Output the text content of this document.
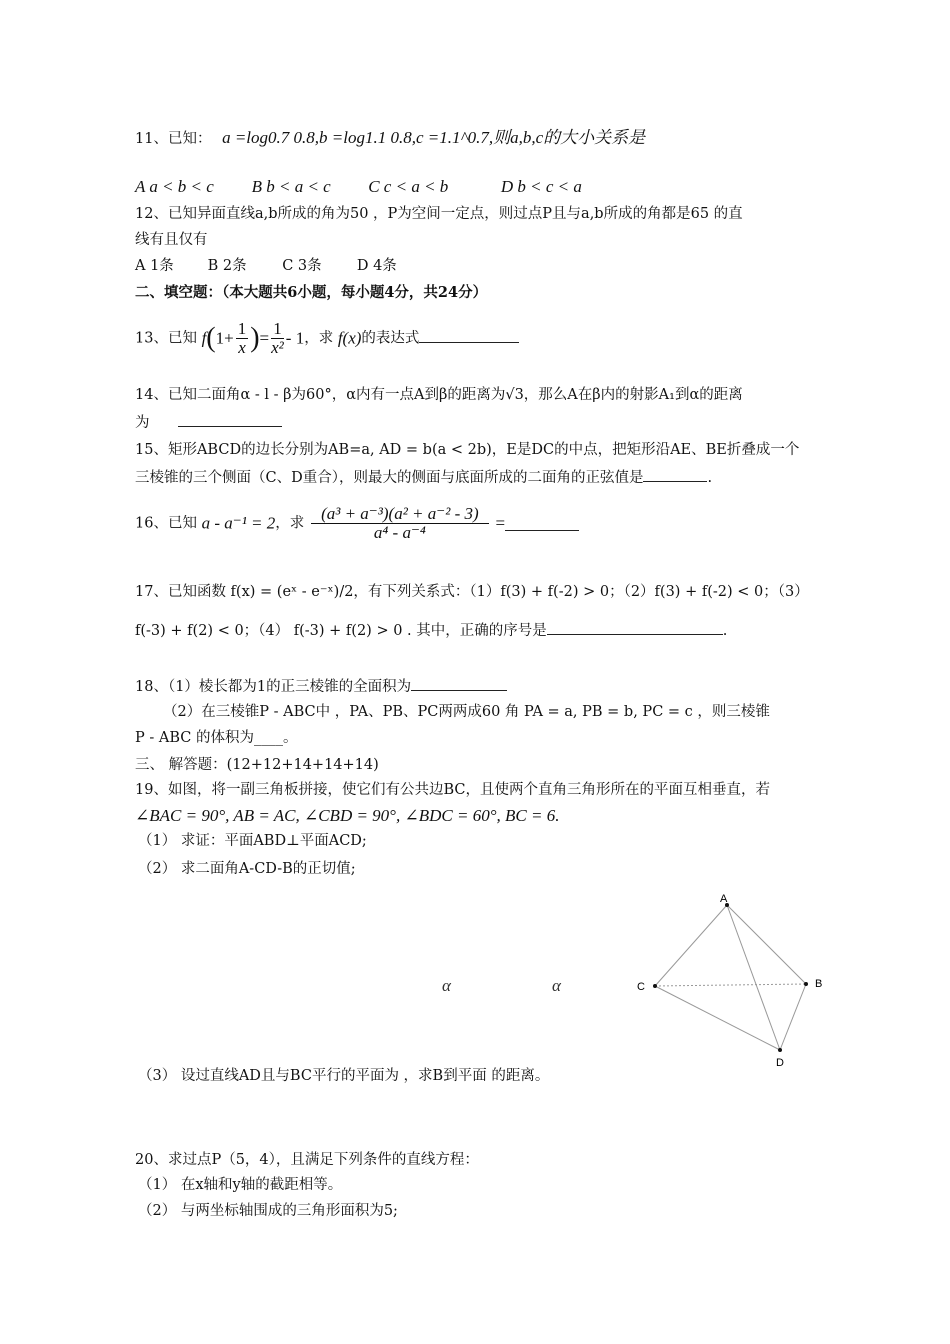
11、已知： a =log0.7 0.8,b =log1.1 0.8,c =1.1^0.7,则a,b,c的大小关系是
A a < b < c B b < a < c C c < a < b	D b < c < a
12、已知异面直线a,b所成的角为50 ，P为空间一定点，则过点P且与a,b所成的角都是65 的直
线有且仅有
A 1条 B 2条 C 3条 D 4条
二、填空题：（本大题共6小题，每小题4分，共24分）
13、已知 $f(1+ \frac{1}{x}$ )= $\frac{1}{\text{x²}} - 1$，求 f(x)的表达式
14、已知二面角α - l - β为60°，α内有一点A到β的距离为√3，那么A在β内的射影A₁到α的距离
为
15、矩形ABCD的边长分别为AB=a, AD = b(a < 2b)，E是DC的中点，把矩形沿AE、BE折叠成一个
三棱锥的三个侧面（C、D重合），则最大的侧面与底面所成的二面角的正弦值是	.
16、已知 a - a⁻¹ = 2，求 $\frac{\text{(a³ + a⁻³)(a² + a⁻² - 3)}}{\text{a⁴ - a⁻⁴}}$ =
17、已知函数 f(x) = (eˣ - e⁻ˣ)/2，有下列关系式：（1）f(3) + f(-2) > 0；（2）f(3) + f(-2) < 0；（3）
f(-3) + f(2) < 0；（4） f(-3) + f(2) > 0 . 其中，正确的序号是	.
18、（1）棱长都为1的正三棱锥的全面积为
（2）在三棱锥P - ABC中 ，PA、PB、PC两两成60 角 PA = a, PB = b, PC = c ，则三棱锥
P - ABC 的体积为____。
三、 解答题：(12+12+14+14+14)
19、如图，将一副三角板拼接，使它们有公共边BC，且使两个直角三角形所在的平面互相垂直，若
∠BAC = 90°, AB = AC, ∠CBD = 90°, ∠BDC = 60°, BC = 6.
（1） 求证：平面ABD⊥平面ACD;
（2） 求二面角A-CD-B的正切值;
α	α
A
B
C
D
（3） 设过直线AD且与BC平行的平面为 ，求B到平面 的距离。
20、求过点P（5，4），且满足下列条件的直线方程：
（1） 在x轴和y轴的截距相等。
（2） 与两坐标轴围成的三角形面积为5;
